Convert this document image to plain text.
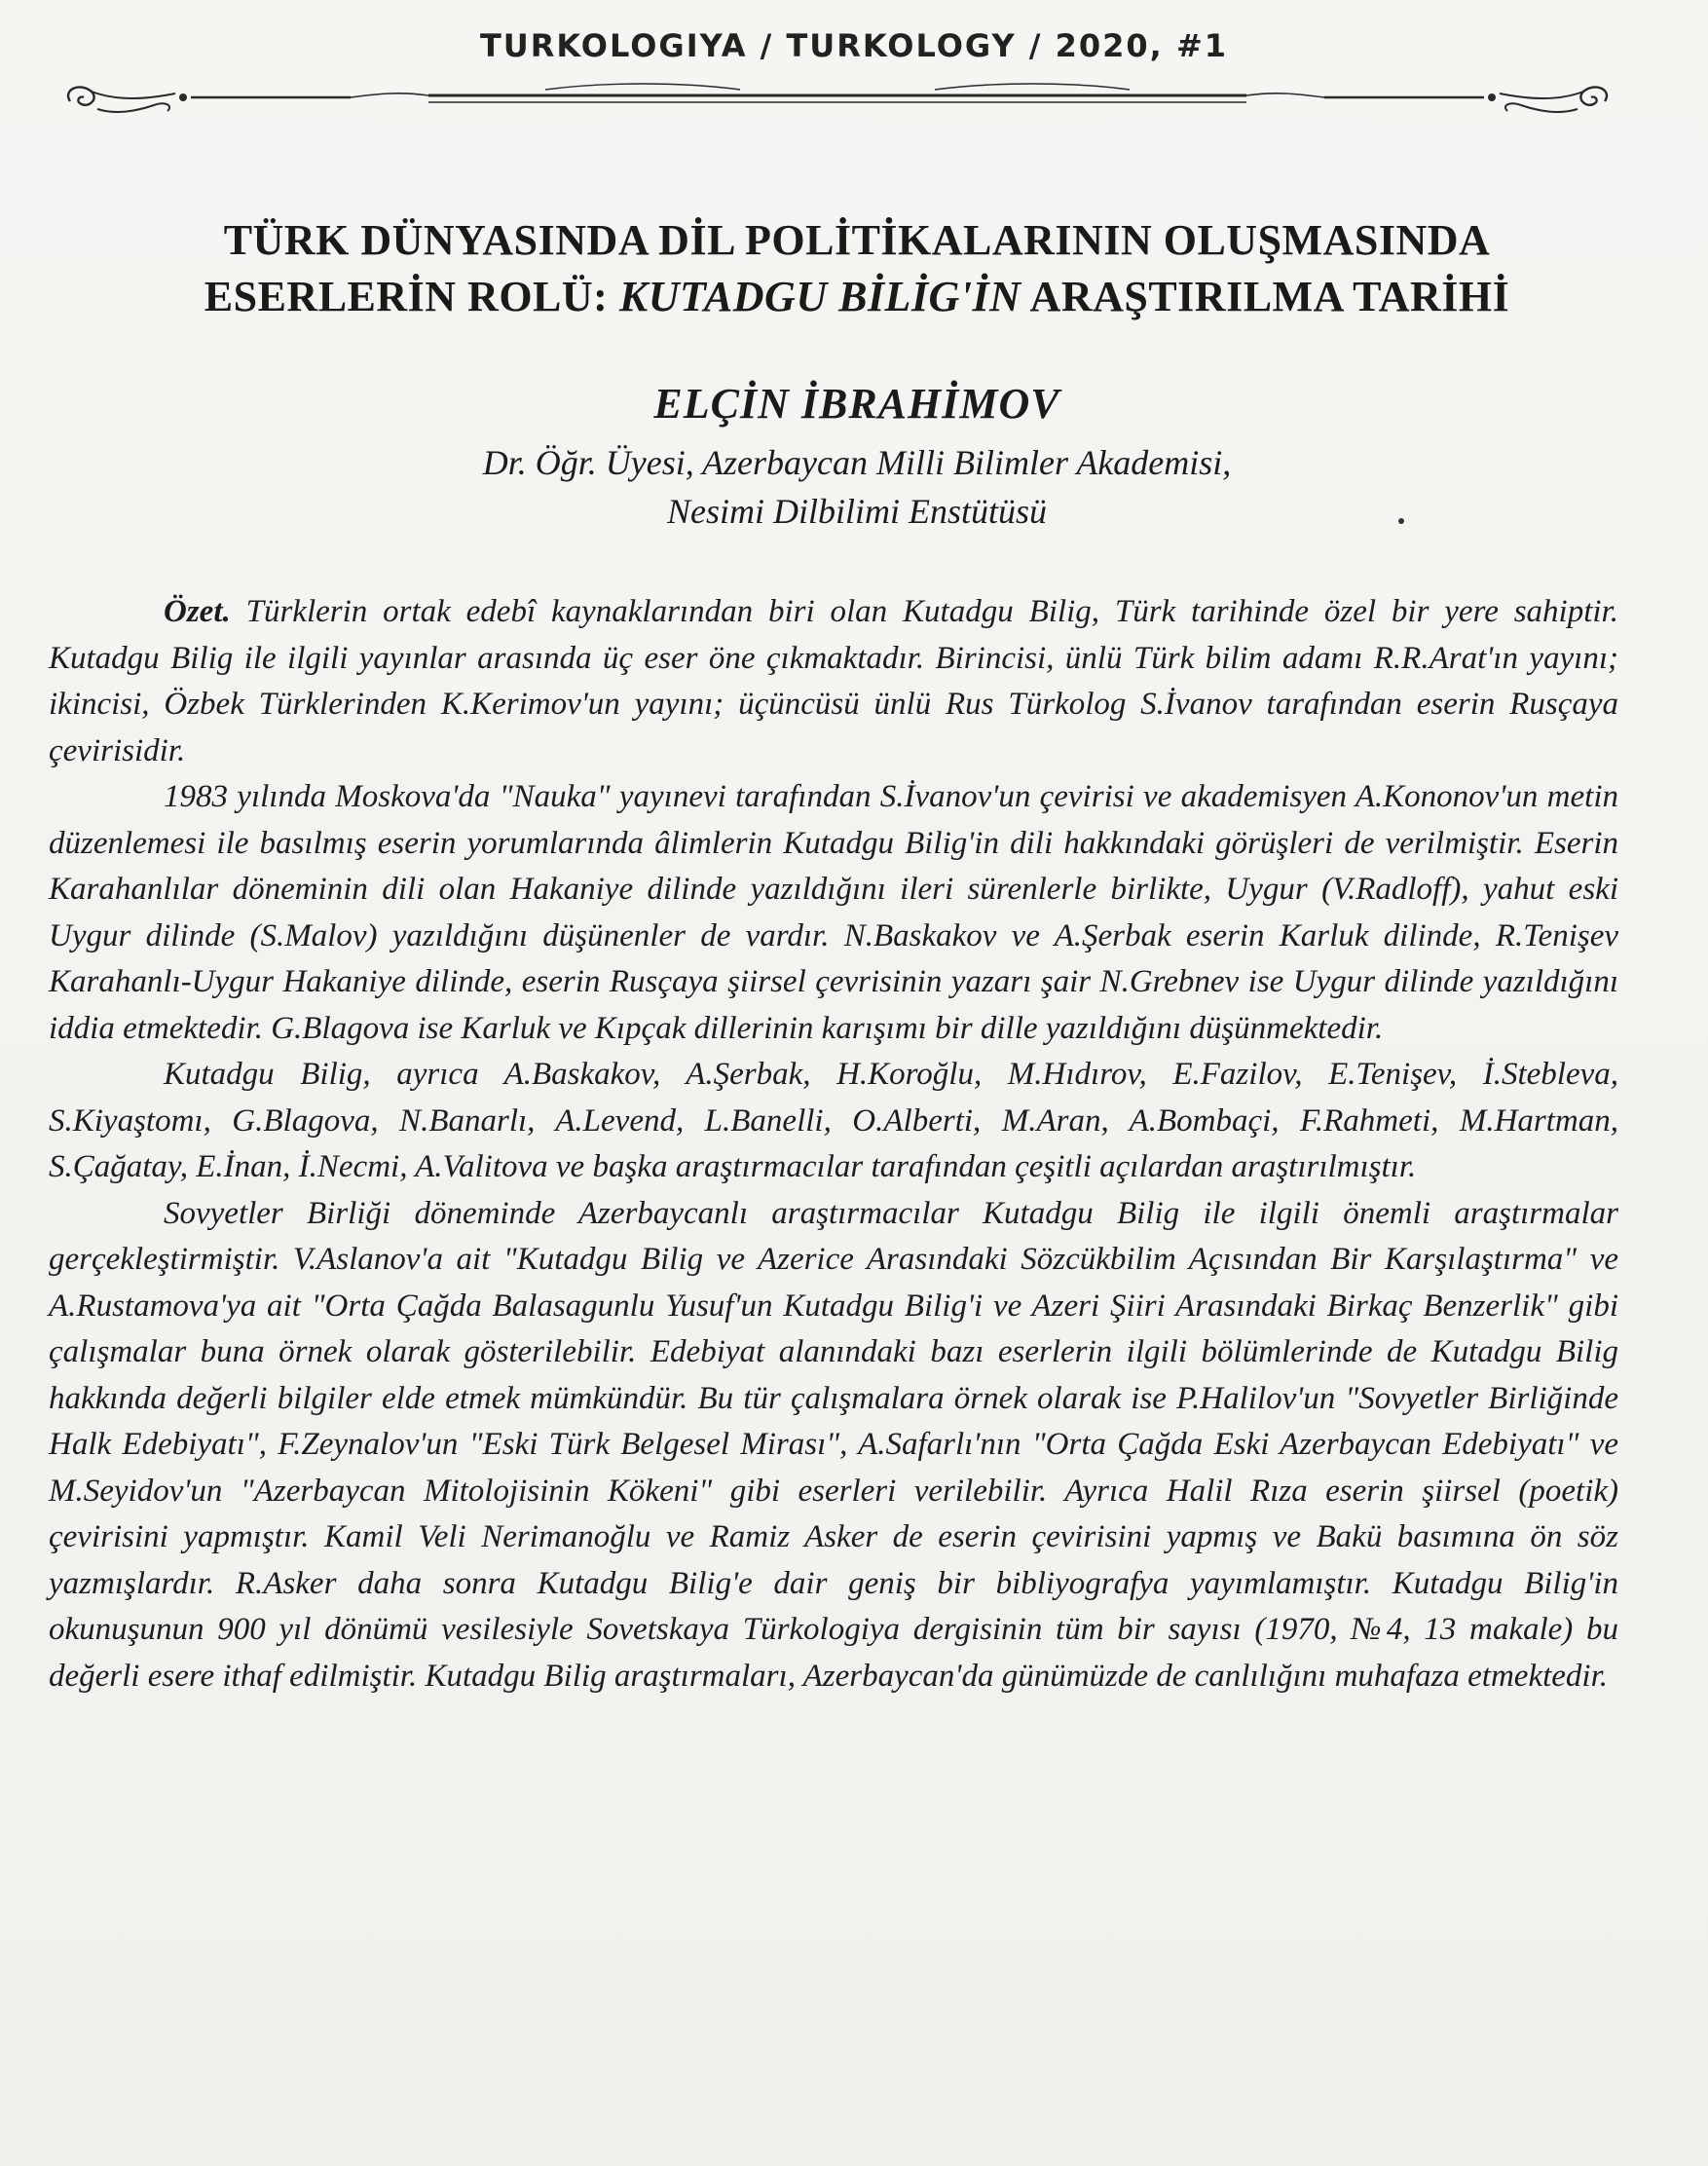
TURKOLOGIYA / TURKOLOGY / 2020, #1
TÜRK DÜNYASINDA DİL POLİTİKALARININ OLUŞMASINDA
ESERLERİN ROLÜ: KUTADGU BİLİG'İN ARAŞTIRILMA TARİHİ
ELÇİN İBRAHİMOV
Dr. Öğr. Üyesi, Azerbaycan Milli Bilimler Akademisi,
Nesimi Dilbilimi Enstütüsü

Özet. Türklerin ortak edebî kaynaklarından biri olan Kutadgu Bilig, Türk tarihinde özel bir yere sahiptir. Kutadgu Bilig ile ilgili yayınlar arasında üç eser öne çıkmaktadır. Birincisi, ünlü Türk bilim adamı R.R.Arat'ın yayını; ikincisi, Özbek Türklerinden K.Kerimov'un yayını; üçüncüsü ünlü Rus Türkolog S.İvanov tarafından eserin Rusçaya çevirisidir.

1983 yılında Moskova'da "Nauka" yayınevi tarafından S.İvanov'un çevirisi ve akademisyen A.Kononov'un metin düzenlemesi ile basılmış eserin yorumlarında âlimlerin Kutadgu Bilig'in dili hakkındaki görüşleri de verilmiştir. Eserin Karahanlılar döneminin dili olan Hakaniye dilinde yazıldığını ileri sürenlerle birlikte, Uygur (V.Radloff), yahut eski Uygur dilinde (S.Malov) yazıldığını düşünenler de vardır. N.Baskakov ve A.Şerbak eserin Karluk dilinde, R.Tenişev Karahanlı-Uygur Hakaniye dilinde, eserin Rusçaya şiirsel çevrisinin yazarı şair N.Grebnev ise Uygur dilinde yazıldığını iddia etmektedir. G.Blagova ise Karluk ve Kıpçak dillerinin karışımı bir dille yazıldığını düşünmektedir.

Kutadgu Bilig, ayrıca A.Baskakov, A.Şerbak, H.Koroğlu, M.Hıdırov, E.Fazilov, E.Tenişev, İ.Stebleva, S.Kiyaştomı, G.Blagova, N.Banarlı, A.Levend, L.Banelli, O.Alberti, M.Aran, A.Bombaçi, F.Rahmeti, M.Hartman, S.Çağatay, E.İnan, İ.Necmi, A.Valitova ve başka araştırmacılar tarafından çeşitli açılardan araştırılmıştır.

Sovyetler Birliği döneminde Azerbaycanlı araştırmacılar Kutadgu Bilig ile ilgili önemli araştırmalar gerçekleştirmiştir. V.Aslanov'a ait "Kutadgu Bilig ve Azerice Arasındaki Sözcükbilim Açısından Bir Karşılaştırma" ve A.Rustamova'ya ait "Orta Çağda Balasagunlu Yusuf'un Kutadgu Bilig'i ve Azeri Şiiri Arasındaki Birkaç Benzerlik" gibi çalışmalar buna örnek olarak gösterilebilir. Edebiyat alanındaki bazı eserlerin ilgili bölümlerinde de Kutadgu Bilig hakkında değerli bilgiler elde etmek mümkündür. Bu tür çalışmalara örnek olarak ise P.Halilov'un "Sovyetler Birliğinde Halk Edebiyatı", F.Zeynalov'un "Eski Türk Belgesel Mirası", A.Safarlı'nın "Orta Çağda Eski Azerbaycan Edebiyatı" ve M.Seyidov'un "Azerbaycan Mitolojisinin Kökeni" gibi eserleri verilebilir. Ayrıca Halil Rıza eserin şiirsel (poetik) çevirisini yapmıştır. Kamil Veli Nerimanoğlu ve Ramiz Asker de eserin çevirisini yapmış ve Bakü basımına ön söz yazmışlardır. R.Asker daha sonra Kutadgu Bilig'e dair geniş bir bibliyografya yayımlamıştır. Kutadgu Bilig'in okunuşunun 900 yıl dönümü vesilesiyle Sovetskaya Türkologiya dergisinin tüm bir sayısı (1970, №4, 13 makale) bu değerli esere ithaf edilmiştir. Kutadgu Bilig araştırmaları, Azerbaycan'da günümüzde de canlılığını muhafaza etmektedir.
